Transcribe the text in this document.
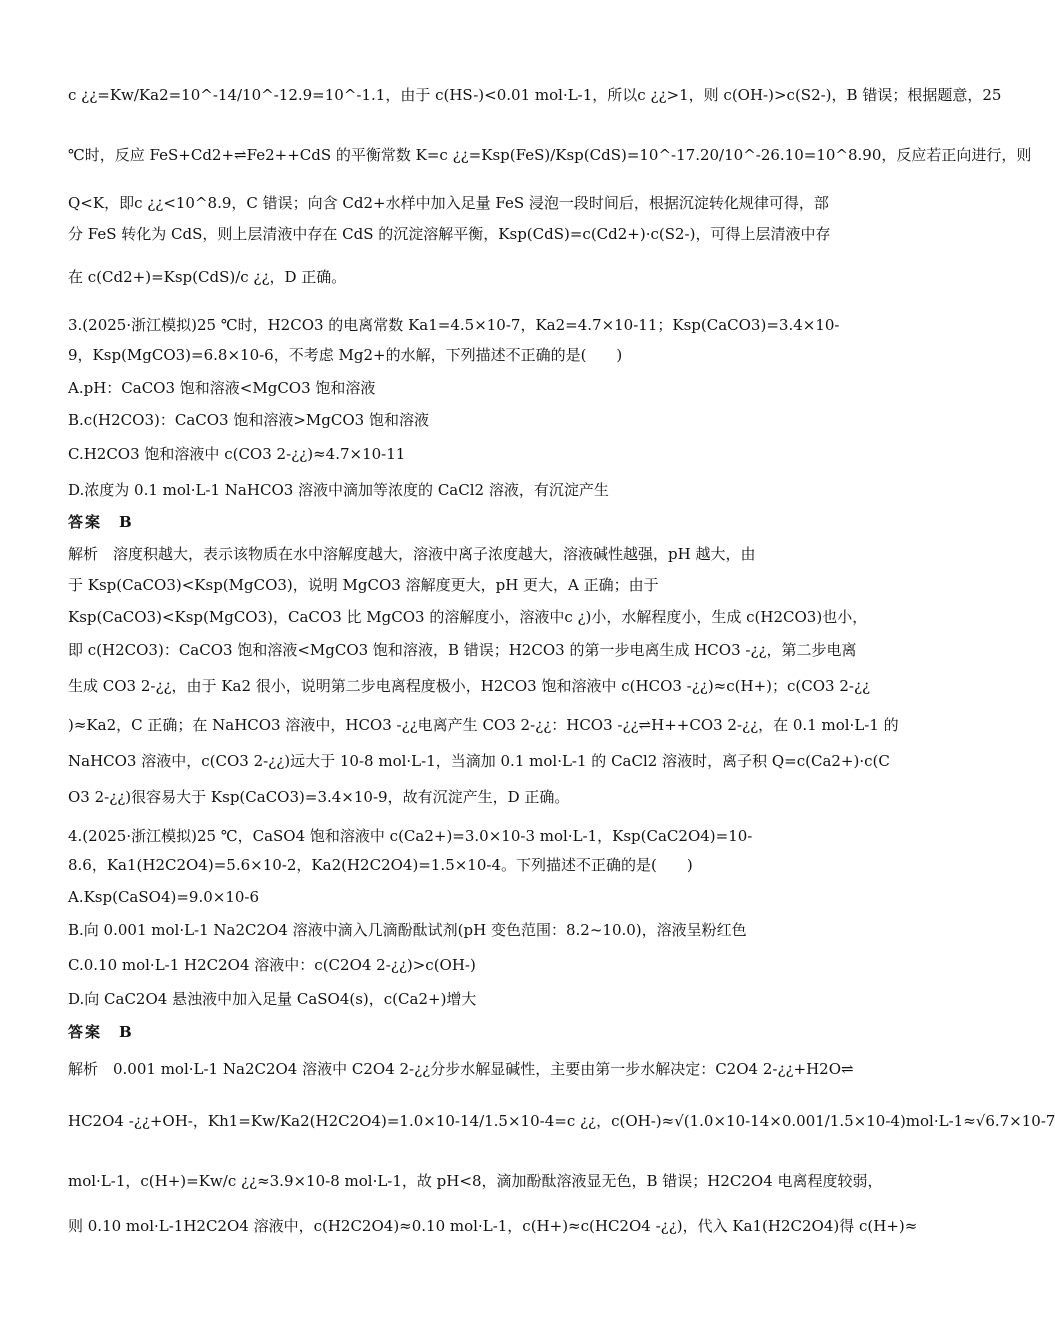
c ¿¿=Kw/Ka2=10^-14/10^-12.9=10^-1.1，由于 c(HS-)<0.01 mol·L-1，所以c ¿¿>1，则 c(OH-)>c(S2-)，B 错误；根据题意，25
℃时，反应 FeS+Cd2+⇌Fe2++CdS 的平衡常数 K=c ¿¿=Ksp(FeS)/Ksp(CdS)=10^-17.20/10^-26.10=10^8.90，反应若正向进行，则
Q<K，即c ¿¿<10^8.9，C 错误；向含 Cd2+水样中加入足量 FeS 浸泡一段时间后，根据沉淀转化规律可得，部
分 FeS 转化为 CdS，则上层清液中存在 CdS 的沉淀溶解平衡，Ksp(CdS)=c(Cd2+)·c(S2-)，可得上层清液中存
在 c(Cd2+)=Ksp(CdS)/c ¿¿，D 正确。
3.(2025·浙江模拟)25 ℃时，H2CO3 的电离常数 Ka1=4.5×10-7，Ka2=4.7×10-11；Ksp(CaCO3)=3.4×10-
9，Ksp(MgCO3)=6.8×10-6，不考虑 Mg2+的水解，下列描述不正确的是(　　)
A.pH：CaCO3 饱和溶液<MgCO3 饱和溶液
B.c(H2CO3)：CaCO3 饱和溶液>MgCO3 饱和溶液
C.H2CO3 饱和溶液中 c(CO3 2-¿¿)≈4.7×10-11
D.浓度为 0.1 mol·L-1 NaHCO3 溶液中滴加等浓度的 CaCl2 溶液，有沉淀产生
答案　B
解析　溶度积越大，表示该物质在水中溶解度越大，溶液中离子浓度越大，溶液碱性越强，pH 越大，由
于 Ksp(CaCO3)<Ksp(MgCO3)，说明 MgCO3 溶解度更大，pH 更大，A 正确；由于
Ksp(CaCO3)<Ksp(MgCO3)，CaCO3 比 MgCO3 的溶解度小，溶液中c ¿)小，水解程度小，生成 c(H2CO3)也小，
即 c(H2CO3)：CaCO3 饱和溶液<MgCO3 饱和溶液，B 错误；H2CO3 的第一步电离生成 HCO3 -¿¿，第二步电离
生成 CO3 2-¿¿，由于 Ka2 很小，说明第二步电离程度极小，H2CO3 饱和溶液中 c(HCO3 -¿¿)≈c(H+)；c(CO3 2-¿¿
)≈Ka2，C 正确；在 NaHCO3 溶液中，HCO3 -¿¿电离产生 CO3 2-¿¿：HCO3 -¿¿⇌H++CO3 2-¿¿，在 0.1 mol·L-1 的
NaHCO3 溶液中，c(CO3 2-¿¿)远大于 10-8 mol·L-1，当滴加 0.1 mol·L-1 的 CaCl2 溶液时，离子积 Q=c(Ca2+)·c(C
O3 2-¿¿)很容易大于 Ksp(CaCO3)=3.4×10-9，故有沉淀产生，D 正确。
4.(2025·浙江模拟)25 ℃，CaSO4 饱和溶液中 c(Ca2+)=3.0×10-3 mol·L-1，Ksp(CaC2O4)=10-
8.6，Ka1(H2C2O4)=5.6×10-2，Ka2(H2C2O4)=1.5×10-4。下列描述不正确的是(　　)
A.Ksp(CaSO4)=9.0×10-6
B.向 0.001 mol·L-1 Na2C2O4 溶液中滴入几滴酚酞试剂(pH 变色范围：8.2~10.0)，溶液呈粉红色
C.0.10 mol·L-1 H2C2O4 溶液中：c(C2O4 2-¿¿)>c(OH-)
D.向 CaC2O4 悬浊液中加入足量 CaSO4(s)，c(Ca2+)增大
答案　B
解析　0.001 mol·L-1 Na2C2O4 溶液中 C2O4 2-¿¿分步水解显碱性，主要由第一步水解决定：C2O4 2-¿¿+H2O⇌
HC2O4 -¿¿+OH-，Kh1=Kw/Ka2(H2C2O4)=1.0×10-14/1.5×10-4=c ¿¿，c(OH-)≈√(1.0×10-14×0.001/1.5×10-4)mol·L-1≈√6.7×10-7
mol·L-1，c(H+)=Kw/c ¿¿≈3.9×10-8 mol·L-1，故 pH<8，滴加酚酞溶液显无色，B 错误；H2C2O4 电离程度较弱，
则 0.10 mol·L-1H2C2O4 溶液中，c(H2C2O4)≈0.10 mol·L-1，c(H+)≈c(HC2O4 -¿¿)，代入 Ka1(H2C2O4)得 c(H+)≈
